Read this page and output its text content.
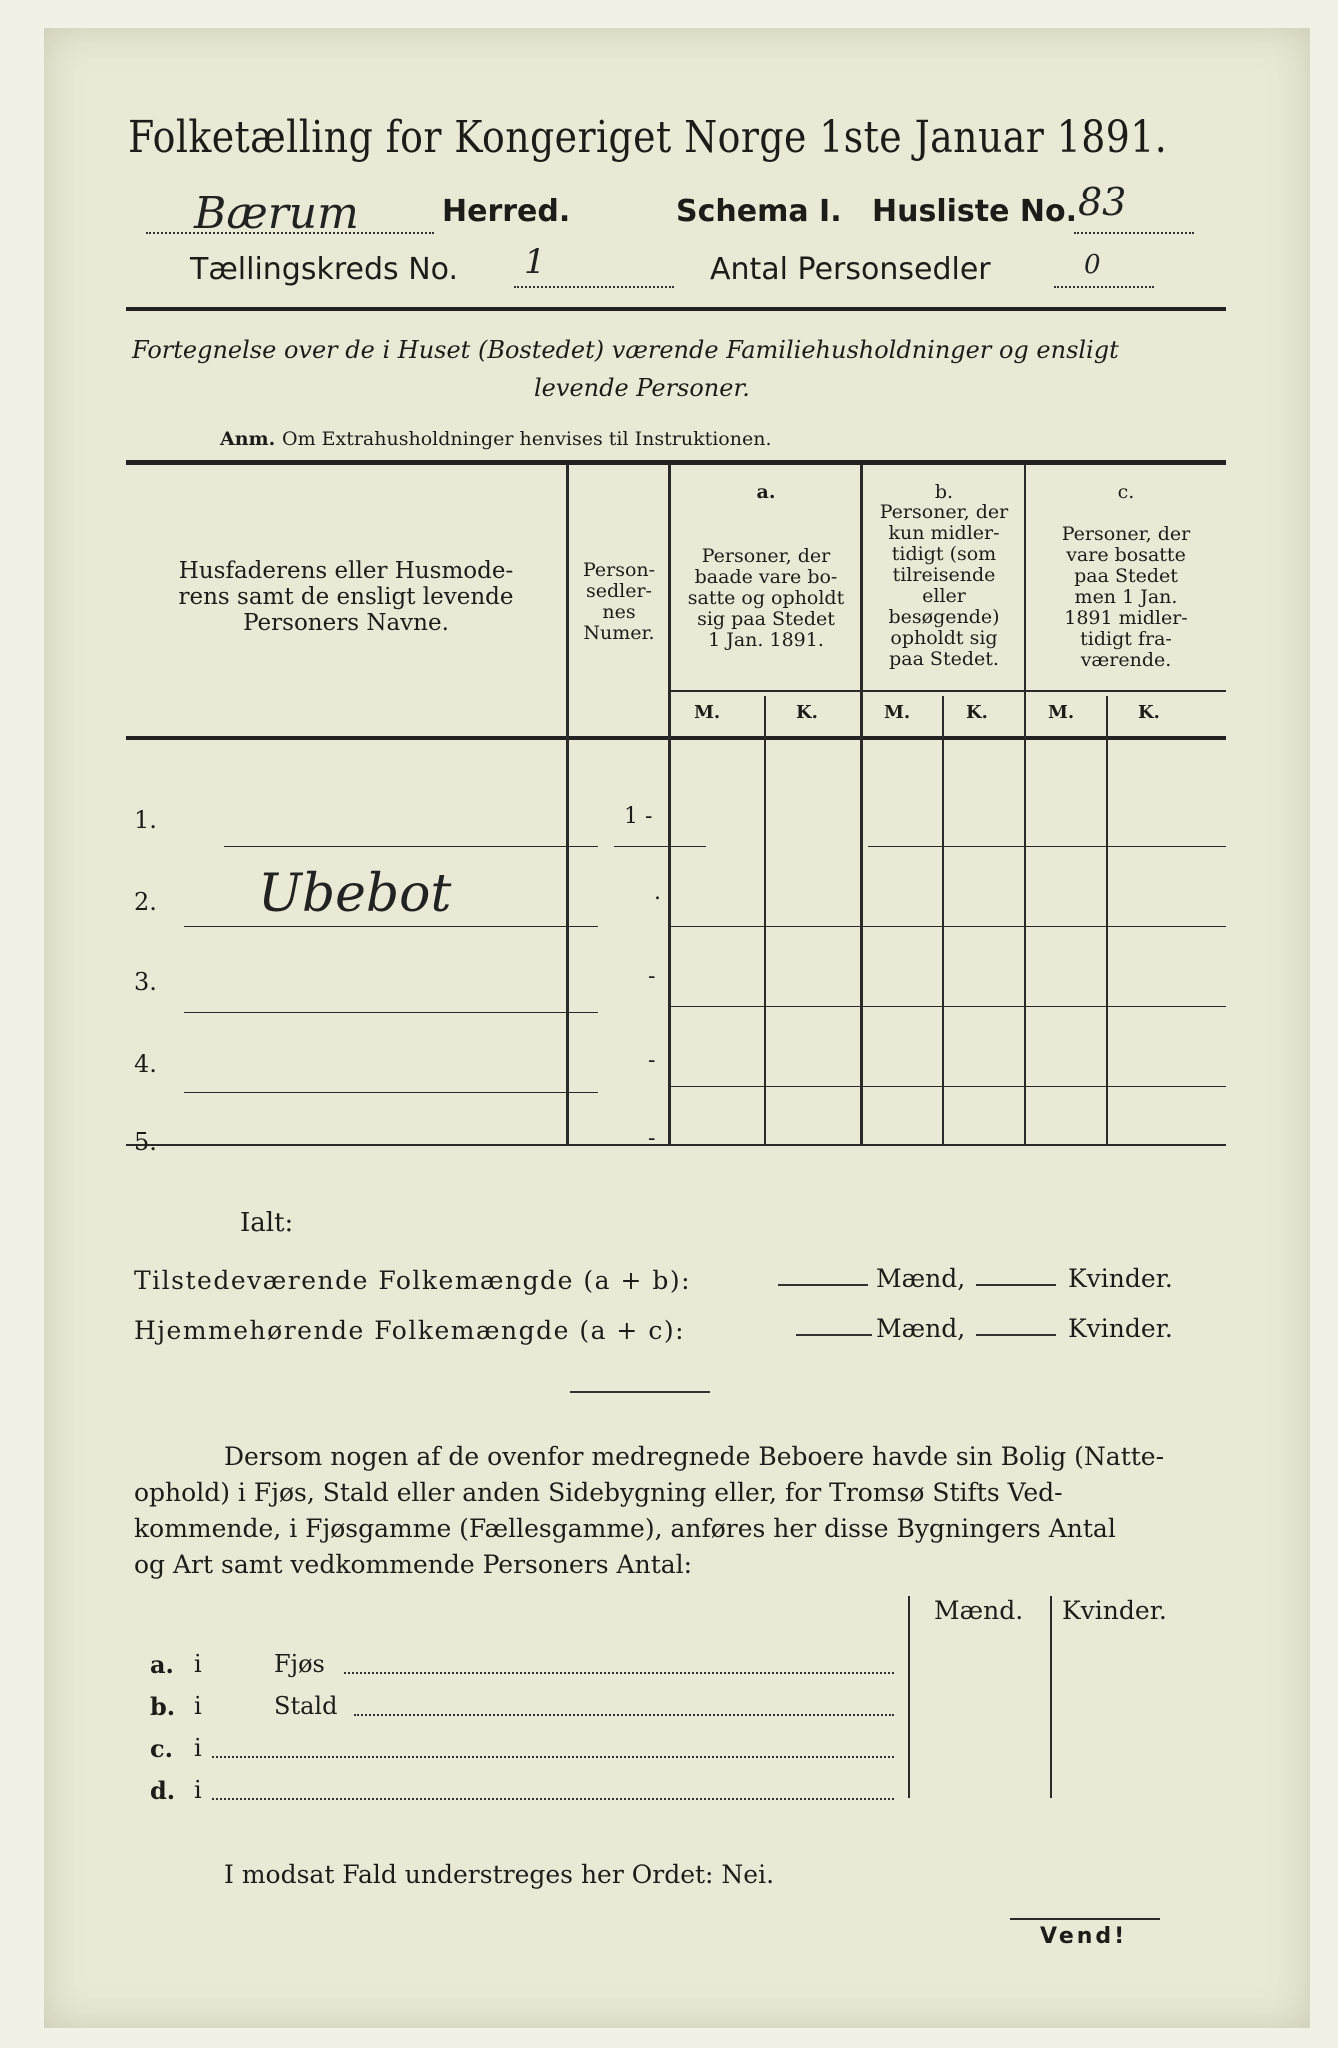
Folketælling for Kongeriget Norge 1ste Januar 1891.
Bærum	Herred.	Schema I. Husliste No. 83
Tællingskreds No. 1	Antal Personsedler	0
Fortegnelse over de i Huset (Bostedet) værende Familiehusholdninger og ensligt
levende Personer.
Anm. Om Extrahusholdninger henvises til Instruktionen.
Husfaderens eller Husmode-
rens samt de ensligt levende
Personers Navne.
Person-
sedler-
nes
Numer.
a.
Personer, der
baade vare bo-
satte og opholdt
sig paa Stedet
1 Jan. 1891.
b.
Personer, der
kun midler-
tidigt (som
tilreisende
eller
besøgende)
opholdt sig
paa Stedet.
c.
Personer, der
vare bosatte
paa Stedet
men 1 Jan.
1891 midler-
tidigt fra-
værende.
M.	K.	M.	K.	M.	K.
1.	1 -
2. Ubebot	.
3.	-
4.	-
5.	-
Ialt:
Tilstedeværende Folkemængde (a + b):	Mænd,	Kvinder.
Hjemmehørende Folkemængde (a + c):	Mænd,	Kvinder.
Dersom nogen af de ovenfor medregnede Beboere havde sin Bolig (Natte-
ophold) i Fjøs, Stald eller anden Sidebygning eller, for Tromsø Stifts Ved-
kommende, i Fjøsgamme (Fællesgamme), anføres her disse Bygningers Antal
og Art samt vedkommende Personers Antal:
Mænd. Kvinder.
a. i	Fjøs
b. i	Stald
c. i
d. i
I modsat Fald understreges her Ordet: Nei.
Vend!
